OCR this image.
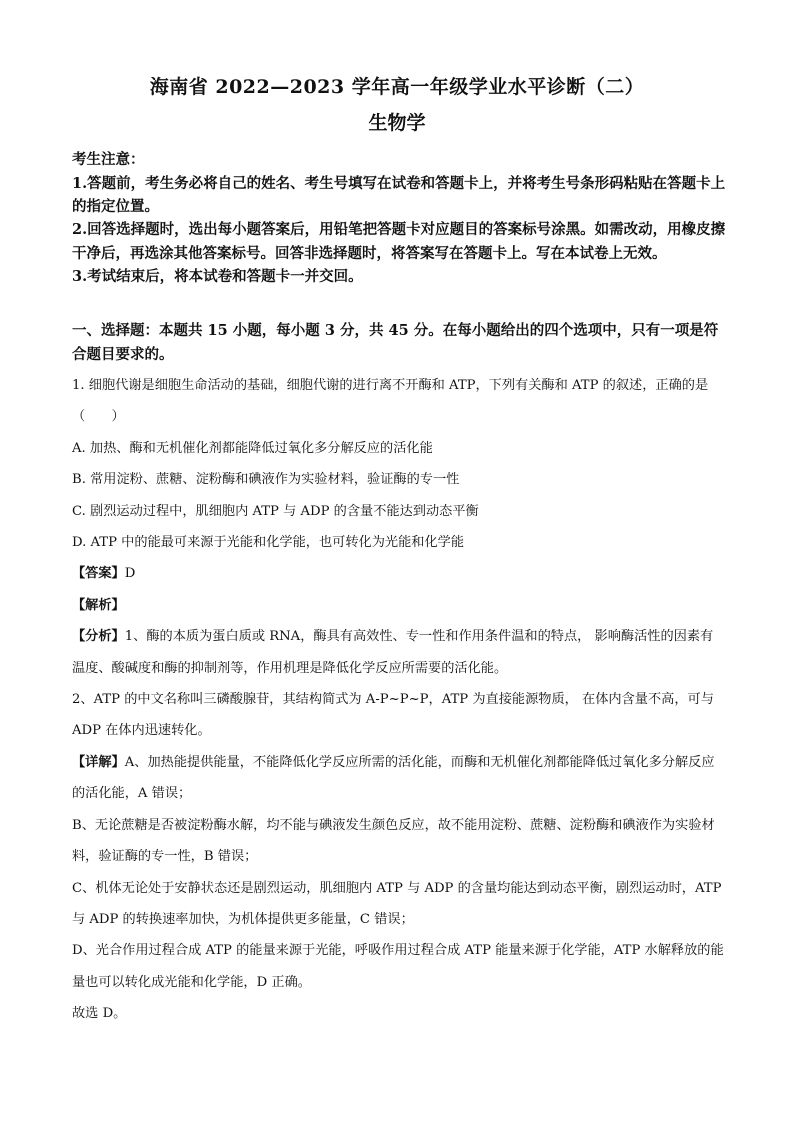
海南省 2022—2023 学年高一年级学业水平诊断（二）
生物学
考生注意：

1.答题前，考生务必将自己的姓名、考生号填写在试卷和答题卡上，并将考生号条形码粘贴在答题卡上的指定位置。

2.回答选择题时，选出每小题答案后，用铅笔把答题卡对应题目的答案标号涂黑。如需改动，用橡皮擦干净后，再选涂其他答案标号。回答非选择题时，将答案写在答题卡上。写在本试卷上无效。

3.考试结束后，将本试卷和答题卡一并交回。

一、选择题：本题共 15 小题，每小题 3 分，共 45 分。在每小题给出的四个选项中，只有一项是符合题目要求的。

1. 细胞代谢是细胞生命活动的基础，细胞代谢的进行离不开酶和 ATP，下列有关酶和 ATP 的叙述，正确的是（　　）

A. 加热、酶和无机催化剂都能降低过氧化多分解反应的活化能

B. 常用淀粉、蔗糖、淀粉酶和碘液作为实验材料，验证酶的专一性

C. 剧烈运动过程中，肌细胞内 ATP 与 ADP 的含量不能达到动态平衡

D. ATP 中的能最可来源于光能和化学能，也可转化为光能和化学能

【答案】D

【解析】

【分析】1、酶的本质为蛋白质或 RNA，酶具有高效性、专一性和作用条件温和的特点， 影响酶活性的因素有温度、酸碱度和酶的抑制剂等，作用机理是降低化学反应所需要的活化能。

2、ATP 的中文名称叫三磷酸腺苷，其结构简式为 A-P~P~P，ATP 为直接能源物质， 在体内含量不高，可与 ADP 在体内迅速转化。

【详解】A、加热能提供能量，不能降低化学反应所需的活化能，而酶和无机催化剂都能降低过氧化多分解反应的活化能，A 错误；

B、无论蔗糖是否被淀粉酶水解，均不能与碘液发生颜色反应，故不能用淀粉、蔗糖、淀粉酶和碘液作为实验材料，验证酶的专一性，B 错误；

C、机体无论处于安静状态还是剧烈运动，肌细胞内 ATP 与 ADP 的含量均能达到动态平衡，剧烈运动时，ATP 与 ADP 的转换速率加快，为机体提供更多能量，C 错误；

D、光合作用过程合成 ATP 的能量来源于光能，呼吸作用过程合成 ATP 能量来源于化学能，ATP 水解释放的能量也可以转化成光能和化学能，D 正确。

故选 D。
